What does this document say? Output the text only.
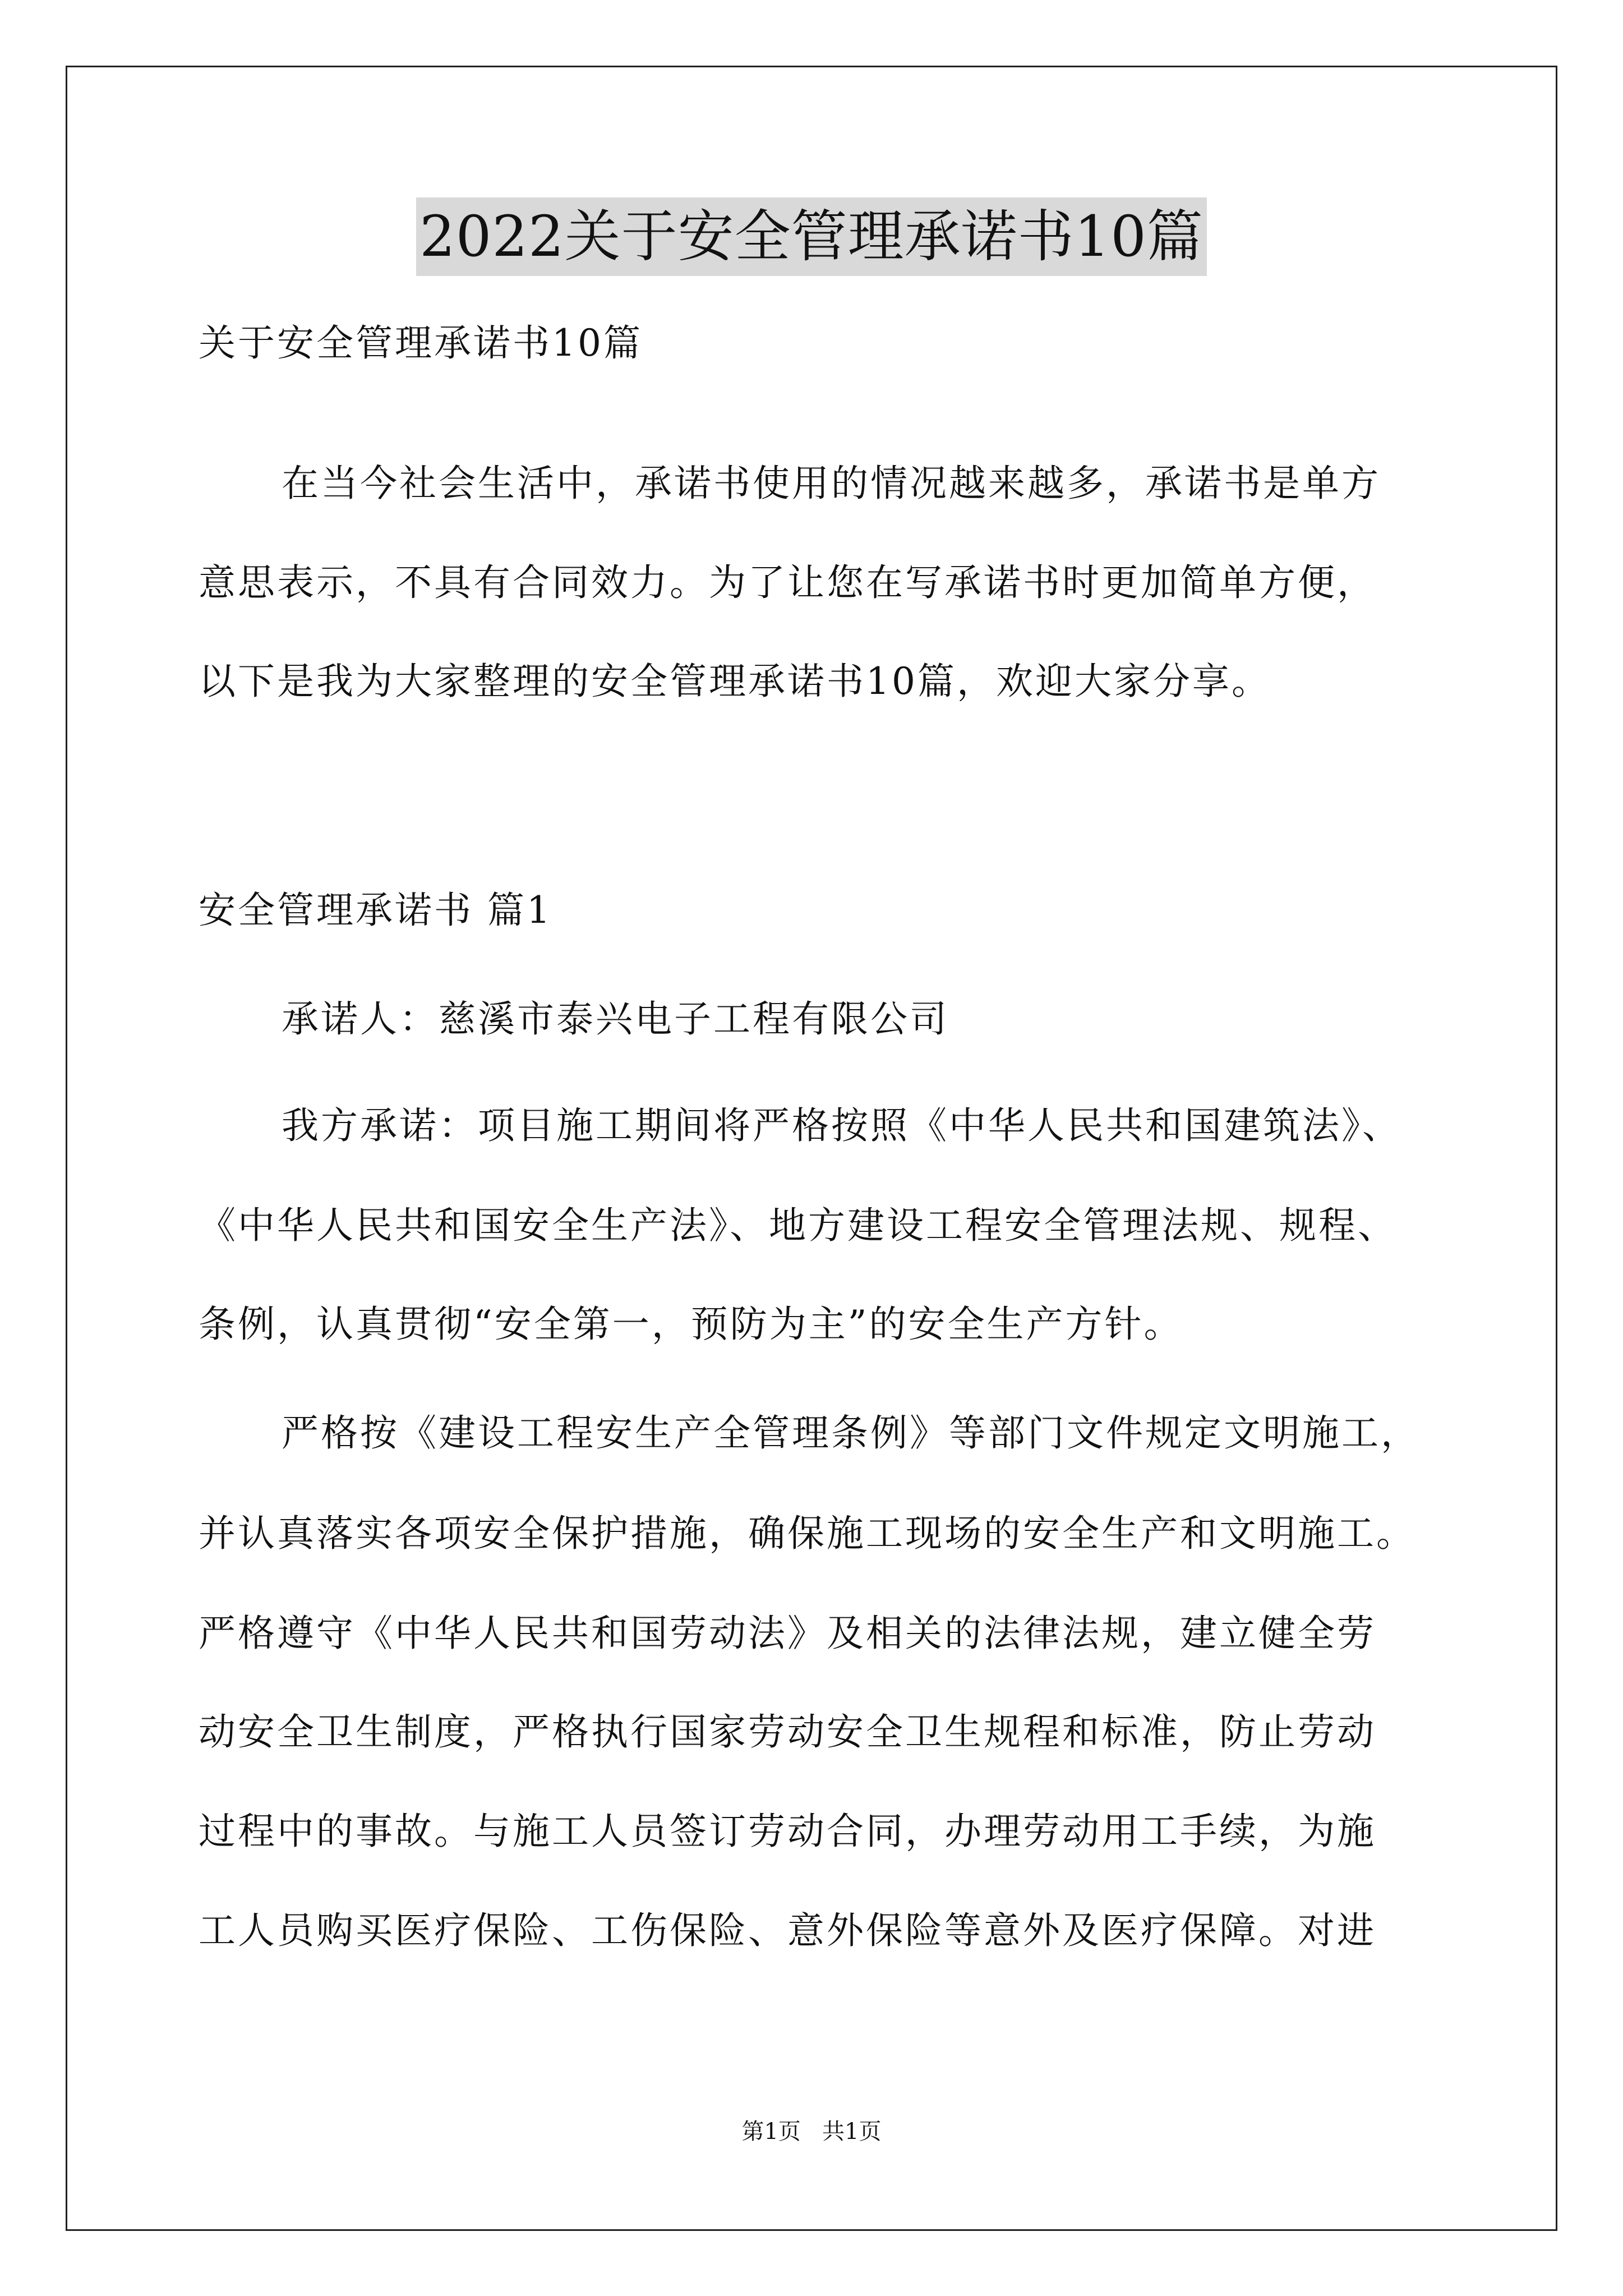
2022关于安全管理承诺书10篇

关于安全管理承诺书10篇

在当今社会生活中，承诺书使用的情况越来越多，承诺书是单方

意思表示，不具有合同效力。为了让您在写承诺书时更加简单方便，

以下是我为大家整理的安全管理承诺书10篇，欢迎大家分享。

安全管理承诺书 篇1

承诺人：慈溪市泰兴电子工程有限公司

我方承诺：项目施工期间将严格按照《中华人民共和国建筑法》、

《中华人民共和国安全生产法》、地方建设工程安全管理法规、规程、

条例，认真贯彻“安全第一，预防为主”的安全生产方针。

严格按《建设工程安生产全管理条例》等部门文件规定文明施工，

并认真落实各项安全保护措施，确保施工现场的安全生产和文明施工。

严格遵守《中华人民共和国劳动法》及相关的法律法规，建立健全劳

动安全卫生制度，严格执行国家劳动安全卫生规程和标准，防止劳动

过程中的事故。与施工人员签订劳动合同，办理劳动用工手续，为施

工人员购买医疗保险、工伤保险、意外保险等意外及医疗保障。对进

第1页   共1页
